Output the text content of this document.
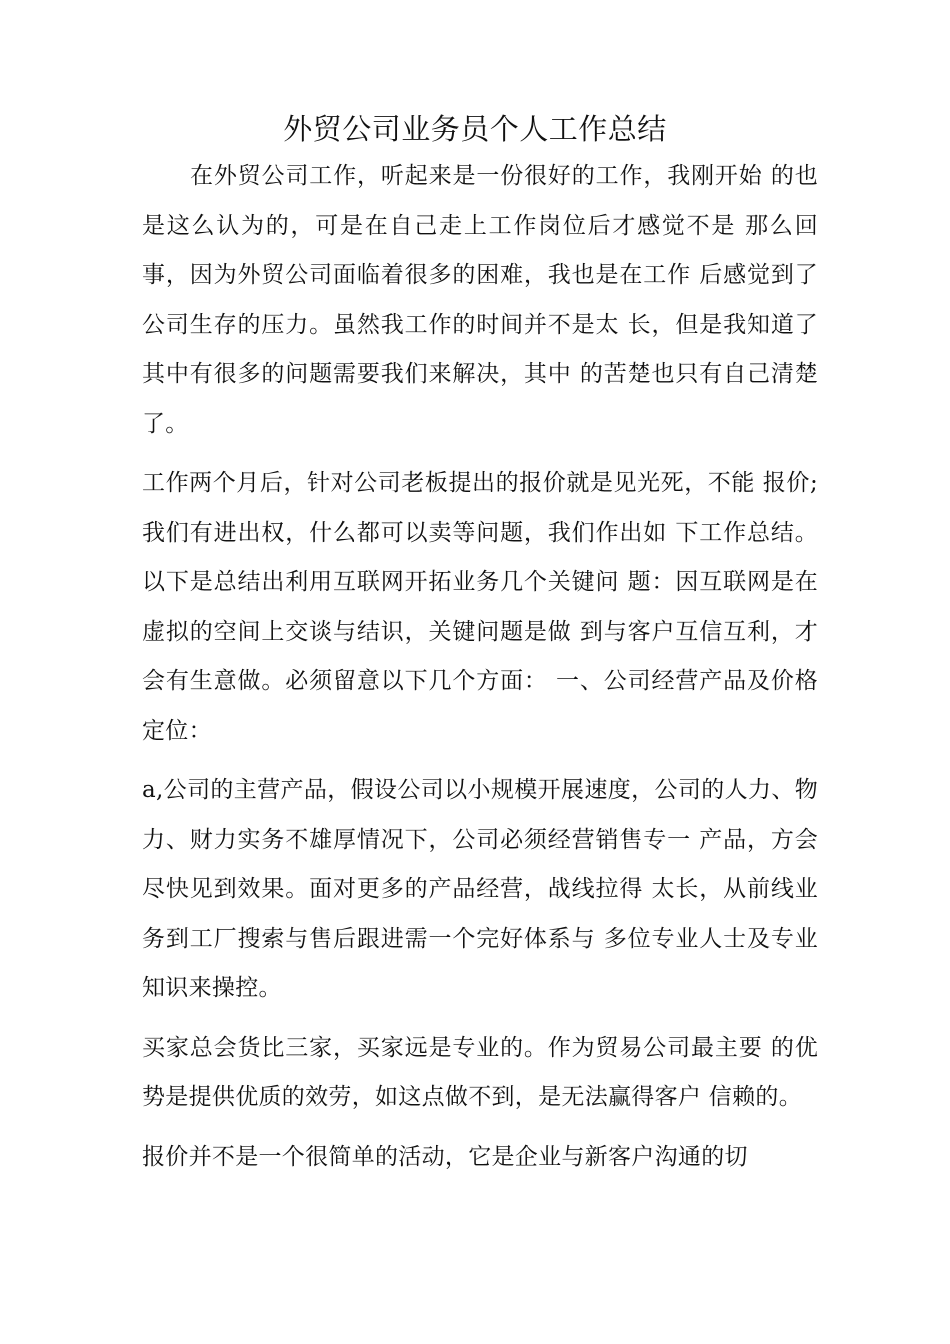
外贸公司业务员个人工作总结

在外贸公司工作，听起来是一份很好的工作，我刚开始 的也是这么认为的，可是在自己走上工作岗位后才感觉不是 那么回事，因为外贸公司面临着很多的困难，我也是在工作 后感觉到了公司生存的压力。虽然我工作的时间并不是太 长，但是我知道了其中有很多的问题需要我们来解决，其中 的苦楚也只有自己清楚了。

工作两个月后，针对公司老板提出的报价就是见光死，不能 报价;我们有进出权，什么都可以卖等问题，我们作出如 下工作总结。以下是总结出利用互联网开拓业务几个关键问 题：因互联网是在虚拟的空间上交谈与结识，关键问题是做 到与客户互信互利，才会有生意做。必须留意以下几个方面： 一、公司经营产品及价格定位：

a,公司的主营产品，假设公司以小规模开展速度，公司的人力、物力、财力实务不雄厚情况下，公司必须经营销售专一 产品，方会尽快见到效果。面对更多的产品经营，战线拉得 太长，从前线业务到工厂搜索与售后跟进需一个完好体系与 多位专业人士及专业知识来操控。

买家总会货比三家，买家远是专业的。作为贸易公司最主要 的优势是提供优质的效劳，如这点做不到，是无法赢得客户 信赖的。

报价并不是一个很简单的活动，它是企业与新客户沟通的切
